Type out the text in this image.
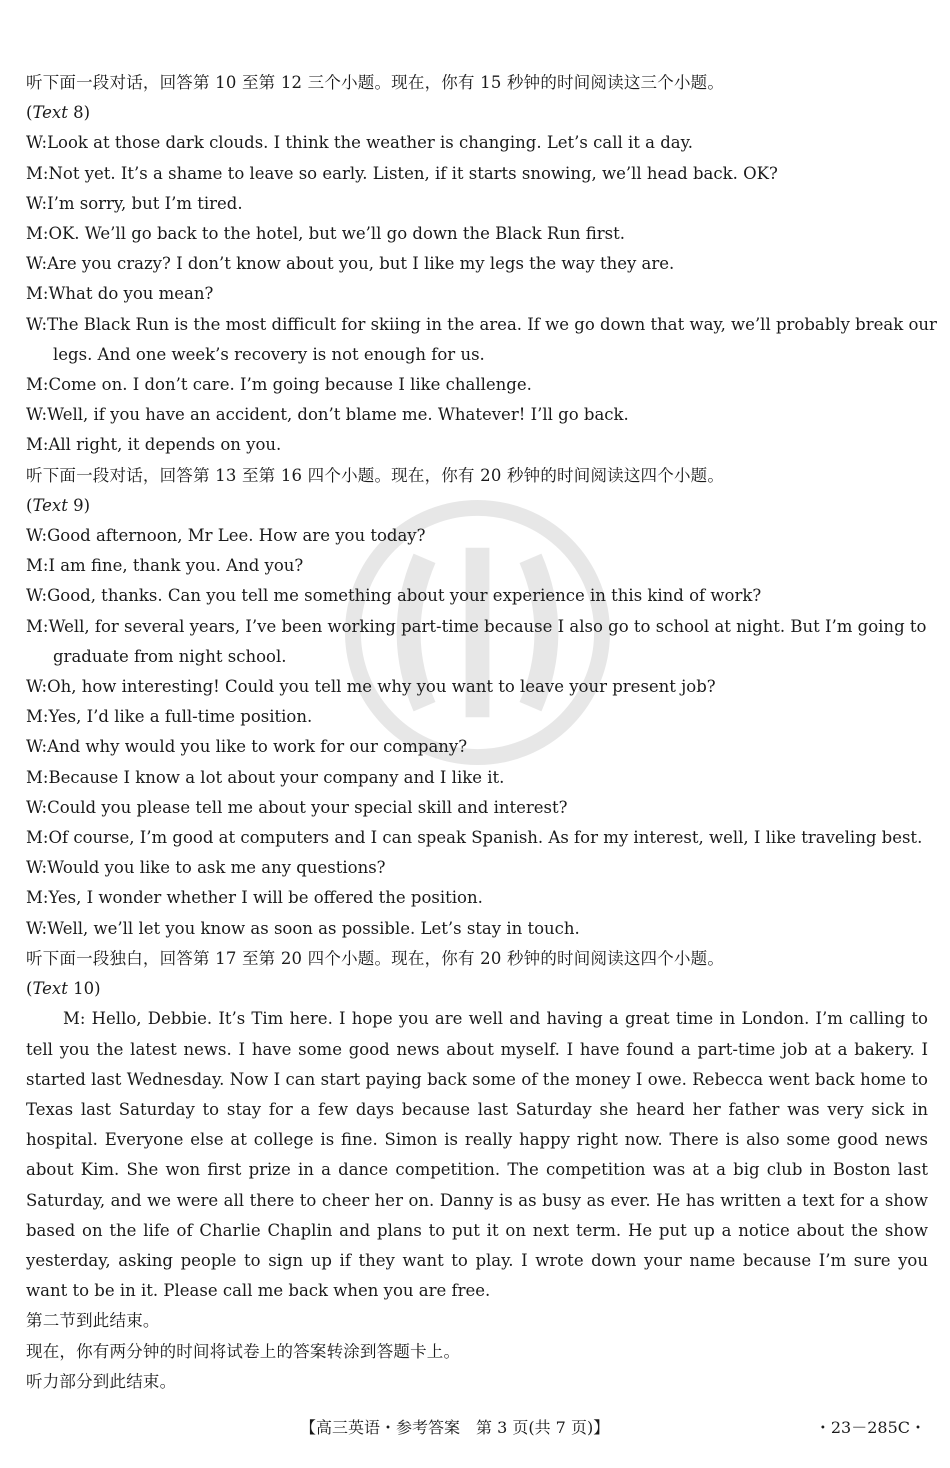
听下面一段对话，回答第 10 至第 12 三个小题。现在，你有 15 秒钟的时间阅读这三个小题。
(Text 8)
W:Look at those dark clouds. I think the weather is changing. Let’s call it a day.
M:Not yet. It’s a shame to leave so early. Listen, if it starts snowing, we’ll head back. OK?
W:I’m sorry, but I’m tired.
M:OK. We’ll go back to the hotel, but we’ll go down the Black Run first.
W:Are you crazy? I don’t know about you, but I like my legs the way they are.
M:What do you mean?
W:The Black Run is the most difficult for skiing in the area. If we go down that way, we’ll probably break our
legs. And one week’s recovery is not enough for us.
M:Come on. I don’t care. I’m going because I like challenge.
W:Well, if you have an accident, don’t blame me. Whatever! I’ll go back.
M:All right, it depends on you.
听下面一段对话，回答第 13 至第 16 四个小题。现在，你有 20 秒钟的时间阅读这四个小题。
(Text 9)
W:Good afternoon, Mr Lee. How are you today?
M:I am fine, thank you. And you?
W:Good, thanks. Can you tell me something about your experience in this kind of work?
M:Well, for several years, I’ve been working part-time because I also go to school at night. But I’m going to
graduate from night school.
W:Oh, how interesting! Could you tell me why you want to leave your present job?
M:Yes, I’d like a full-time position.
W:And why would you like to work for our company?
M:Because I know a lot about your company and I like it.
W:Could you please tell me about your special skill and interest?
M:Of course, I’m good at computers and I can speak Spanish. As for my interest, well, I like traveling best.
W:Would you like to ask me any questions?
M:Yes, I wonder whether I will be offered the position.
W:Well, we’ll let you know as soon as possible. Let’s stay in touch.
听下面一段独白，回答第 17 至第 20 四个小题。现在，你有 20 秒钟的时间阅读这四个小题。
(Text 10)
M: Hello, Debbie. It’s Tim here. I hope you are well and having a great time in London. I’m calling to tell you the latest news. I have some good news about myself. I have found a part-time job at a bakery. I started last Wednesday. Now I can start paying back some of the money I owe. Rebecca went back home to Texas last Saturday to stay for a few days because last Saturday she heard her father was very sick in hospital. Everyone else at college is fine. Simon is really happy right now. There is also some good news about Kim. She won first prize in a dance competition. The competition was at a big club in Boston last Saturday, and we were all there to cheer her on. Danny is as busy as ever. He has written a text for a show based on the life of Charlie Chaplin and plans to put it on next term. He put up a notice about the show yesterday, asking people to sign up if they want to play. I wrote down your name because I’m sure you want to be in it. Please call me back when you are free.
第二节到此结束。
现在，你有两分钟的时间将试卷上的答案转涂到答题卡上。
听力部分到此结束。
【高三英语・参考答案　第 3 页(共 7 页)】	・23－285C・
